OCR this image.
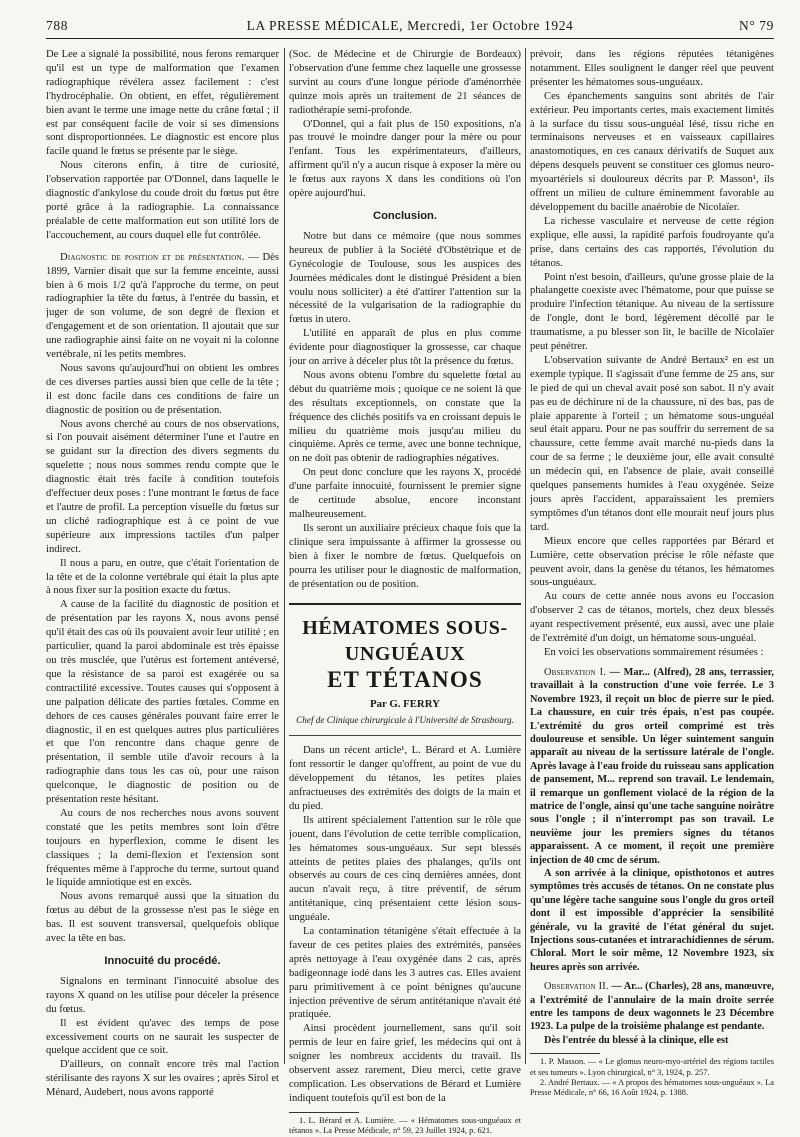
788	LA PRESSE MÉDICALE, Mercredi, 1er Octobre 1924	N° 79

De Lee a signalé la possibilité, nous ferons remarquer qu'il est un type de malformation que l'examen radiographique révélera assez facilement : c'est l'hydrocéphalie. On obtient, en effet, régulièrement bien avant le terme une image nette du crâne fœtal ; il est par conséquent facile de voir si ses dimensions sont disproportionnées. Le diagnostic est encore plus facile quand le fœtus se présente par le siège.

Nous citerons enfin, à titre de curiosité, l'observation rapportée par O'Donnel, dans laquelle le diagnostic d'ankylose du coude droit du fœtus put être porté grâce à la radiographie. La connaissance préalable de cette malformation eut son utilité lors de l'accouchement, au cours duquel elle fut contrôlée.

Diagnostic de position et de présentation. — Dès 1899, Varnier disait que sur la femme enceinte, aussi bien à 6 mois 1/2 qu'à l'approche du terme, on peut radiographier la tête du fœtus, à l'entrée du bassin, et juger de son volume, de son degré de flexion et d'engagement et de son orientation. Il ajoutait que sur une radiographie ainsi faite on ne voyait ni la colonne vertébrale, ni les petits membres.

Nous savons qu'aujourd'hui on obtient les ombres de ces diverses parties aussi bien que celle de la tête ; il est donc facile dans ces conditions de faire un diagnostic de position ou de présentation.

Nous avons cherché au cours de nos observations, si l'on pouvait aisément déterminer l'une et l'autre en se guidant sur la direction des divers segments du squelette ; nous nous sommes rendu compte que le diagnostic était très facile à condition toutefois d'effectuer deux poses : l'une montrant le fœtus de face et l'autre de profil. La perception visuelle du fœtus sur un cliché radiographique est à ce point de vue supérieure aux impressions tactiles d'un palper indirect.

Il nous a paru, en outre, que c'était l'orientation de la tête et de la colonne vertébrale qui était la plus apte à nous fixer sur la position exacte du fœtus.

A cause de la facilité du diagnostic de position et de présentation par les rayons X, nous avons pensé qu'il était des cas où ils pouvaient avoir leur utilité ; en particulier, quand la paroi abdominale est très épaisse ou très musclée, que l'utérus est fortement antéversé, que la résistance de sa paroi est exagérée ou sa contractilité excessive. Toutes causes qui s'opposent à une palpation délicate des parties fœtales. Comme en dehors de ces causes générales pouvant faire errer le diagnostic, il en est quelques autres plus particulières et que l'on rencontre dans chaque genre de présentation, il semble utile d'avoir recours à la radiographie dans tous les cas où, pour une raison quelconque, le diagnostic de position ou de présentation reste hésitant.

Au cours de nos recherches nous avons souvent constaté que les petits membres sont loin d'être toujours en hyperflexion, comme le disent les classiques ; la demi-flexion et l'extension sont fréquentes même à l'approche du terme, surtout quand le liquide amniotique est en excès.

Nous avons remarqué aussi que la situation du fœtus au début de la grossesse n'est pas le siège en bas. Il est souvent transversal, quelquefois oblique avec la tête en bas.

Innocuité du procédé.

Signalons en terminant l'innocuité absolue des rayons X quand on les utilise pour déceler la présence du fœtus.

Il est évident qu'avec des temps de pose excessivement courts on ne saurait les suspecter de quelque accident que ce soit.

D'ailleurs, on connaît encore très mal l'action stérilisante des rayons X sur les ovaires ; après Sirol et Ménard, Audebert, nous avons rapporté

(Soc. de Médecine et de Chirurgie de Bordeaux) l'observation d'une femme chez laquelle une grossesse survint au cours d'une longue période d'aménorrhée quinze mois après un traitement de 21 séances de radiothérapie semi-profonde.

O'Donnel, qui a fait plus de 150 expositions, n'a pas trouvé le moindre danger pour la mère ou pour l'enfant. Tous les expérimentateurs, d'ailleurs, affirment qu'il n'y a aucun risque à exposer la mère ou le fœtus aux rayons X dans les conditions où l'on opère aujourd'hui.

Conclusion.

Notre but dans ce mémoire (que nous sommes heureux de publier à la Société d'Obstétrique et de Gynécologie de Toulouse, sous les auspices des Journées médicales dont le distingué Président a bien voulu nous solliciter) a été d'attirer l'attention sur la nécessité de la vulgarisation de la radiographie du fœtus in utero.

L'utilité en apparaît de plus en plus comme évidente pour diagnostiquer la grossesse, car chaque jour on arrive à déceler plus tôt la présence du fœtus.

Nous avons obtenu l'ombre du squelette fœtal au début du quatrième mois ; quoique ce ne soient là que des résultats exceptionnels, on constate que la fréquence des clichés positifs va en croissant depuis le milieu du quatrième mois jusqu'au milieu du cinquième. Après ce terme, avec une bonne technique, on ne doit pas obtenir de radiographies négatives.

On peut donc conclure que les rayons X, procédé d'une parfaite innocuité, fournissent le premier signe de certitude absolue, encore inconstant malheureusement.

Ils seront un auxiliaire précieux chaque fois que la clinique sera impuissante à affirmer la grossesse ou bien à fixer le nombre de fœtus. Quelquefois on pourra les utiliser pour le diagnostic de malformation, de présentation ou de position.

HÉMATOMES SOUS-UNGUÉAUX
ET TÉTANOS
Par G. FERRY
Chef de Clinique chirurgicale à l'Université de Strasbourg.

Dans un récent article¹, L. Bérard et A. Lumière font ressortir le danger qu'offrent, au point de vue du développement du tétanos, les petites plaies anfractueuses des extrémités des doigts de la main et du pied.

Ils attirent spécialement l'attention sur le rôle que jouent, dans l'évolution de cette terrible complication, les hématomes sous-unguéaux. Sur sept blessés atteints de petites plaies des phalanges, qu'ils ont observés au cours de ces cinq dernières années, dont aucun n'avait reçu, à titre préventif, de sérum antitétanique, cinq présentaient cette lésion sous-unguéale.

La contamination tétanigène s'était effectuée à la faveur de ces petites plaies des extrémités, pansées après nettoyage à l'eau oxygénée dans 2 cas, après badigeonnage iodé dans les 3 autres cas. Elles avaient paru primitivement à ce point bénignes qu'aucune injection préventive de sérum antitétanique n'avait été pratiquée.

Ainsi procèdent journellement, sans qu'il soit permis de leur en faire grief, les médecins qui ont à soigner les nombreux accidents du travail. Ils observent assez rarement, Dieu merci, cette grave complication. Les observations de Bérard et Lumière indiquent toutefois qu'il est bon de la

1. L. Bérard et A. Lumière. — « Hématomes sous-unguéaux et tétanos ». La Presse Médicale, n° 59, 23 Juillet 1924, p. 621.

prévoir, dans les régions réputées tétanigènes notamment. Elles soulignent le danger réel que peuvent présenter les hématomes sous-unguéaux.

Ces épanchements sanguins sont abrités de l'air extérieur. Peu importants certes, mais exactement limités à la surface du tissu sous-unguéal lésé, tissu riche en terminaisons nerveuses et en vaisseaux capillaires anastomotiques, en ces canaux dérivatifs de Suquet aux dépens desquels peuvent se constituer ces glomus neuro-myoartériels si douloureux décrits par P. Masson¹, ils offrent un milieu de culture éminemment favorable au développement du bacille anaérobie de Nicolaïer.

La richesse vasculaire et nerveuse de cette région explique, elle aussi, la rapidité parfois foudroyante qu'a prise, dans certains des cas rapportés, l'évolution du tétanos.

Point n'est besoin, d'ailleurs, qu'une grosse plaie de la phalangette coexiste avec l'hématome, pour que puisse se produire l'infection tétanique. Au niveau de la sertissure de l'ongle, dont le bord, légèrement décollé par le traumatisme, a pu blesser son lit, le bacille de Nicolaïer peut pénétrer.

L'observation suivante de André Bertaux² en est un exemple typique. Il s'agissait d'une femme de 25 ans, sur le pied de qui un cheval avait posé son sabot. Il n'y avait pas eu de déchirure ni de la chaussure, ni des bas, pas de plaie apparente à l'orteil ; un hématome sous-unguéal seul était apparu. Pour ne pas souffrir du serrement de sa chaussure, cette femme avait marché nu-pieds dans la cour de sa ferme ; le deuxième jour, elle avait consulté un médecin qui, en l'absence de plaie, avait conseillé quelques pansements humides à l'eau oxygénée. Seize jours après l'accident, apparaissaient les premiers symptômes d'un tétanos dont elle mourait neuf jours plus tard.

Mieux encore que celles rapportées par Bérard et Lumière, cette observation précise le rôle néfaste que peuvent avoir, dans la genèse du tétanos, les hématomes sous-unguéaux.

Au cours de cette année nous avons eu l'occasion d'observer 2 cas de tétanos, mortels, chez deux blessés ayant respectivement présenté, eux aussi, avec une plaie de l'extrémité d'un doigt, un hématome sous-unguéal.

En voici les observations sommairement résumées :

Observation I. — Mar... (Alfred), 28 ans, terrassier, travaillait à la construction d'une voie ferrée. Le 3 Novembre 1923, il reçoit un bloc de pierre sur le pied. La chaussure, en cuir très épais, n'est pas coupée. L'extrémité du gros orteil comprimé est très douloureuse et sensible. Un léger suintement sanguin apparaît au niveau de la sertissure latérale de l'ongle. Après lavage à l'eau froide du ruisseau sans application de pansement, M... reprend son travail. Le lendemain, il remarque un gonflement violacé de la région de la matrice de l'ongle, ainsi qu'une tache sanguine noirâtre sous l'ongle ; il n'interrompt pas son travail. Le neuvième jour les premiers signes du tétanos apparaissent. A ce moment, il reçoit une première injection de 40 cmc de sérum.

A son arrivée à la clinique, opisthotonos et autres symptômes très accusés de tétanos. On ne constate plus qu'une légère tache sanguine sous l'ongle du gros orteil dont il est impossible d'apprécier la sensibilité générale, vu la gravité de l'état général du sujet. Injections sous-cutanées et intrarachidiennes de sérum. Chloral. Mort le soir même, 12 Novembre 1923, six heures après son arrivée.

Observation II. — Ar... (Charles), 28 ans, manœuvre, a l'extrémité de l'annulaire de la main droite serrée entre les tampons de deux wagonnets le 23 Décembre 1923. La pulpe de la troisième phalange est pendante.

Dès l'entrée du blessé à la clinique, elle est

1. P. Masson. — « Le glomus neuro-myo-artériel des régions tactiles et ses tumeurs ». Lyon chirurgical, n° 3, 1924, p. 257.

2. André Bertaux. — « A propos des hématomes sous-unguéaux ». La Presse Médicale, n° 66, 16 Août 1924, p. 1388.
